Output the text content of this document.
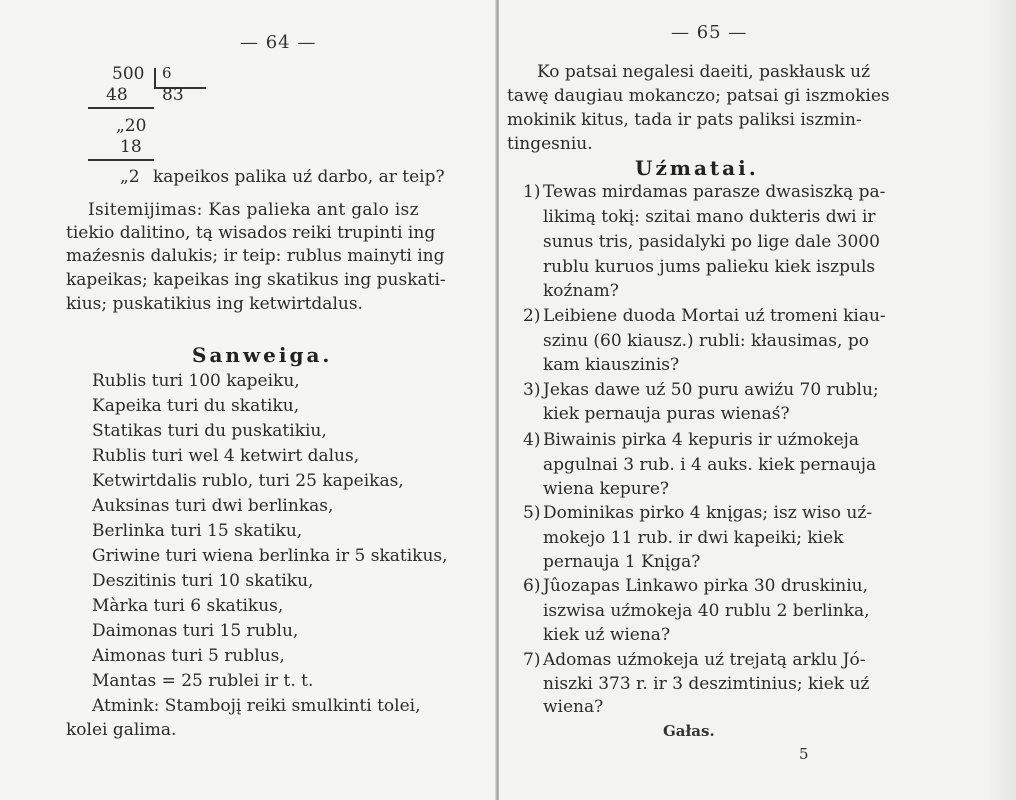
— 64 —
500 6
83
48
„20
18
„2 kapeikos palika uź darbo, ar teip?
Isitemijimas: Kas palieka ant galo isz
tiekio dalitino, tą wisados reiki trupinti ing
maźesnis dalukis; ir teip: rublus mainyti ing
kapeikas; kapeikas ing skatikus ing puskati-
kius; puskatikius ing ketwirtdalus.
Sanweiga.
Rublis turi 100 kapeiku,
Kapeika turi du skatiku,
Statikas turi du puskatikiu,
Rublis turi wel 4 ketwirt dalus,
Ketwirtdalis rublo, turi 25 kapeikas,
Auksinas turi dwi berlinkas,
Berlinka turi 15 skatiku,
Griwine turi wiena berlinka ir 5 skatikus,
Deszitinis turi 10 skatiku,
Màrka turi 6 skatikus,
Daimonas turi 15 rublu,
Aimonas turi 5 rublus,
Mantas = 25 rublei ir t. t.
Atmink: Stambojį reiki smulkinti tolei,
kolei galima.
— 65 —
Ko patsai negalesi daeiti, paskłausk uź
tawę daugiau mokanczo; patsai gi iszmokies
mokinik kitus, tada ir pats paliksi iszmin-
tingesniu.
Uźmatai.
1) Tewas mirdamas parasze dwasiszką pa-
likimą tokį: szitai mano dukteris dwi ir
sunus tris, pasidalyki po lige dale 3000
rublu kuruos jums palieku kiek iszpuls
koźnam?
2) Leibiene duoda Mortai uź tromeni kiau-
szinu (60 kiausz.) rubli: kłausimas, po
kam kiauszinis?
3) Jekas dawe uź 50 puru awiźu 70 rublu;
kiek pernauja puras wienaś?
4) Biwainis pirka 4 kepuris ir uźmokeja
apgulnai 3 rub. i 4 auks. kiek pernauja
wiena kepure?
5) Dominikas pirko 4 knįgas; isz wiso uź-
mokejo 11 rub. ir dwi kapeiki; kiek
pernauja 1 Knįga?
6) Jûozapas Linkawo pirka 30 druskiniu,
iszwisa uźmokeja 40 rublu 2 berlinka,
kiek uź wiena?
7) Adomas uźmokeja uź trejatą arklu Jó-
niszki 373 r. ir 3 deszimtinius; kiek uź
wiena?
Gałas.
5
